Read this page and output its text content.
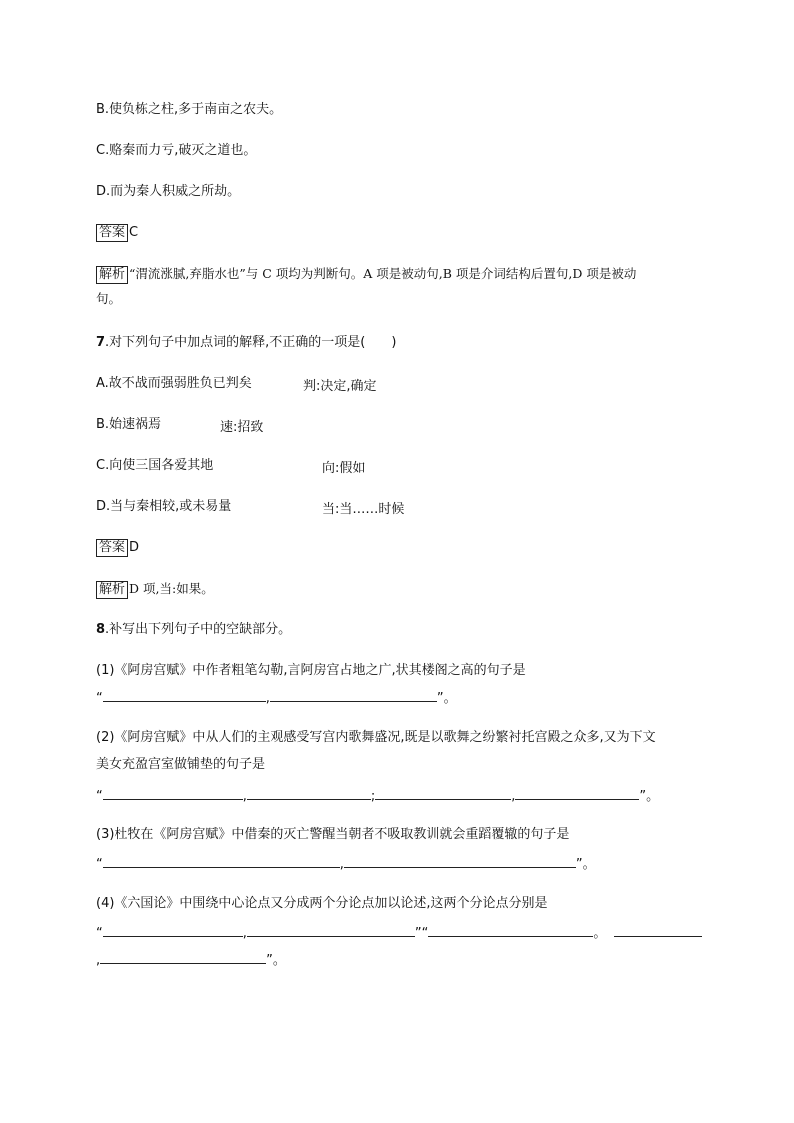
B.使负栋之柱,多于南亩之农夫。
C.赂秦而力亏,破灭之道也。
D.而为秦人积威之所劫。
答案 C
解析 “渭流涨腻,弃脂水也”与 C 项均为判断句。A 项是被动句,B 项是介词结构后置句,D 项是被动
句。
7.对下列句子中加点词的解释,不正确的一项是(　　)
A.故不战而强弱胜负已判矣	判:决定,确定
B.始速祸焉	速:招致
C.向使三国各爱其地	向:假如
D.当与秦相较,或未易量	当:当……时候
答案 D
解析 D 项,当:如果。
8.补写出下列句子中的空缺部分。
(1)《阿房宫赋》中作者粗笔勾勒,言阿房宫占地之广,状其楼阁之高的句子是
“	,	”。
(2)《阿房宫赋》中从人们的主观感受写宫内歌舞盛况,既是以歌舞之纷繁衬托宫殿之众多,又为下文
美女充盈宫室做铺垫的句子是
“	,	;	,	”。
(3)杜牧在《阿房宫赋》中借秦的灭亡警醒当朝者不吸取教训就会重蹈覆辙的句子是
“	,	”。
(4)《六国论》中围绕中心论点又分成两个分论点加以论述,这两个分论点分别是
“	,	”“	。
,	”。
